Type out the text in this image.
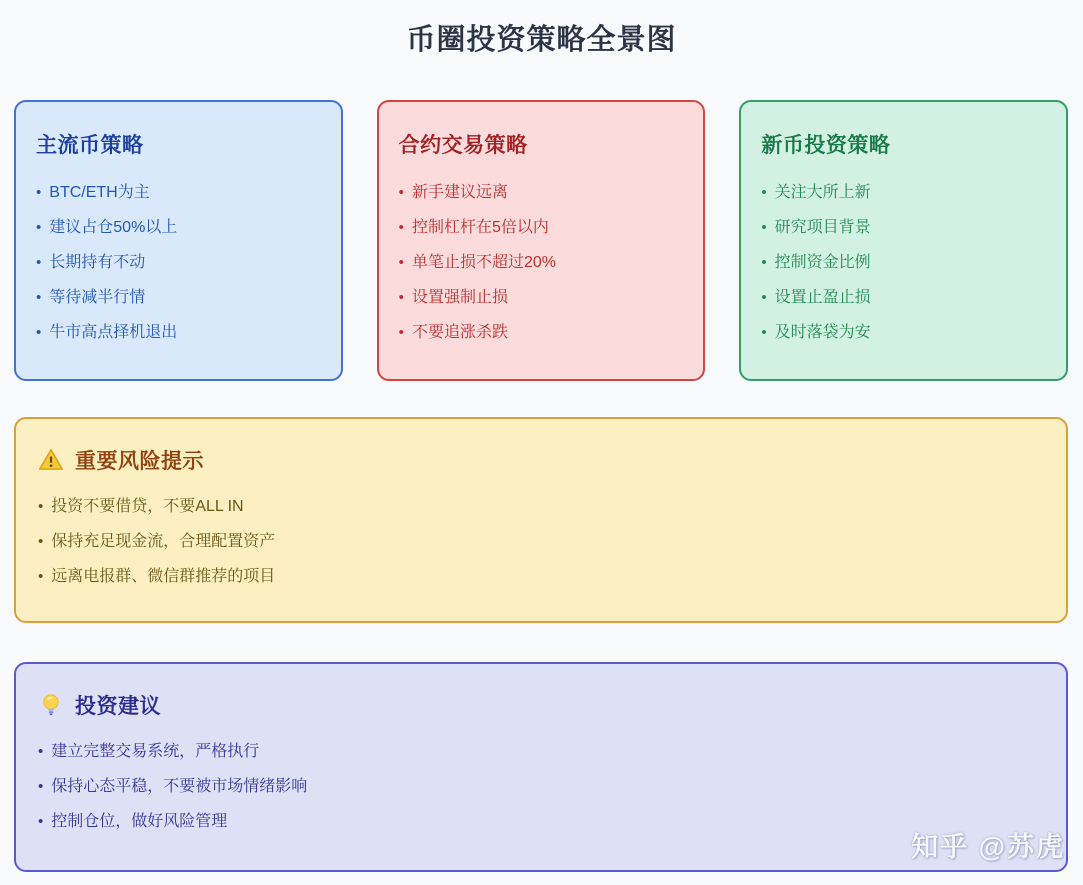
币圈投资策略全景图
主流币策略
• BTC/ETH为主
• 建议占仓50%以上
• 长期持有不动
• 等待减半行情
• 牛市高点择机退出
合约交易策略
• 新手建议远离
• 控制杠杆在5倍以内
• 单笔止损不超过20%
• 设置强制止损
• 不要追涨杀跌
新币投资策略
• 关注大所上新
• 研究项目背景
• 控制资金比例
• 设置止盈止损
• 及时落袋为安
重要风险提示
• 投资不要借贷，不要ALL IN
• 保持充足现金流，合理配置资产
• 远离电报群、微信群推荐的项目
投资建议
• 建立完整交易系统，严格执行
• 保持心态平稳，不要被市场情绪影响
• 控制仓位，做好风险管理
知乎 @苏虎
